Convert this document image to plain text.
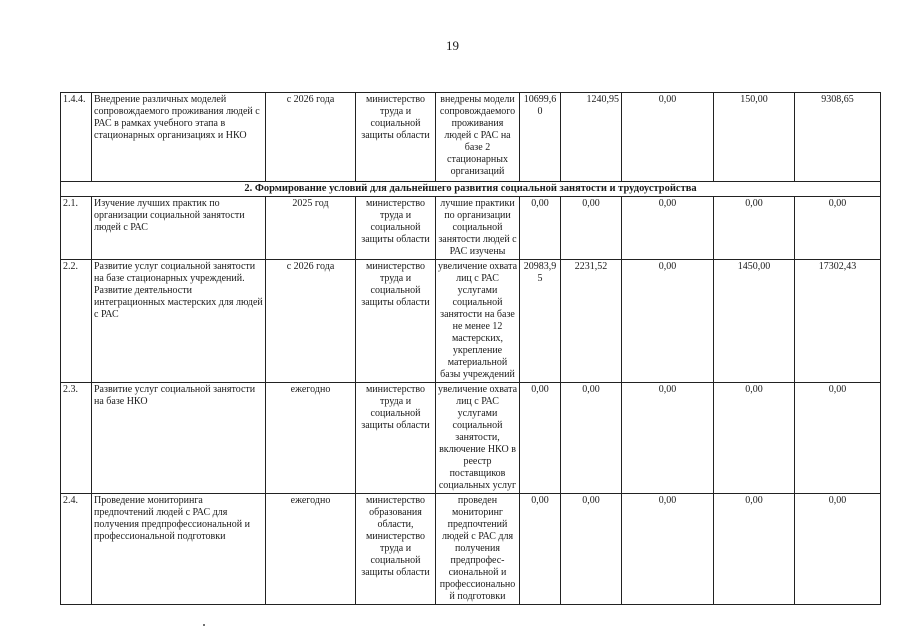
19
1.4.4.	Внедрение различных моделей сопровождаемого проживания людей с РАС в рамках учебного этапа в стационарных организациях и НКО	с 2026 года	министерство труда и социальной защиты области	внедрены модели сопровождаемого проживания людей с РАС на базе 2 стационарных организаций	10699,60	1240,95	0,00	150,00	9308,65
2. Формирование условий для дальнейшего развития социальной занятости и трудоустройства									
2.1.	Изучение лучших практик по организации социальной занятости людей с РАС	2025 год	министерство труда и социальной защиты области	лучшие практики по организации социальной занятости людей с РАС изучены	0,00	0,00	0,00	0,00	0,00
2.2.	Развитие услуг социальной занятости на базе стационарных учреждений. Развитие деятельности интеграционных мастерских для людей с РАС	с 2026 года	министерство труда и социальной защиты области	увеличение охвата лиц с РАС услугами социальной занятости на базе не менее 12 мастерских, укрепление материальной базы учреждений	20983,95	2231,52	0,00	1450,00	17302,43
2.3.	Развитие услуг социальной занятости на базе НКО	ежегодно	министерство труда и социальной защиты области	увеличение охвата лиц с РАС услугами социальной занятости, включение НКО в реестр поставщиков социальных услуг	0,00	0,00	0,00	0,00	0,00
2.4.	Проведение мониторинга предпочтений людей с РАС для получения предпрофессиональной и профессиональной подготовки	ежегодно	министерство образования области, министерство труда и социальной защиты области	проведен мониторинг предпочтений людей с РАС для получения предпрофес- сиональной и профессиональной подготовки	0,00	0,00	0,00	0,00	0,00
